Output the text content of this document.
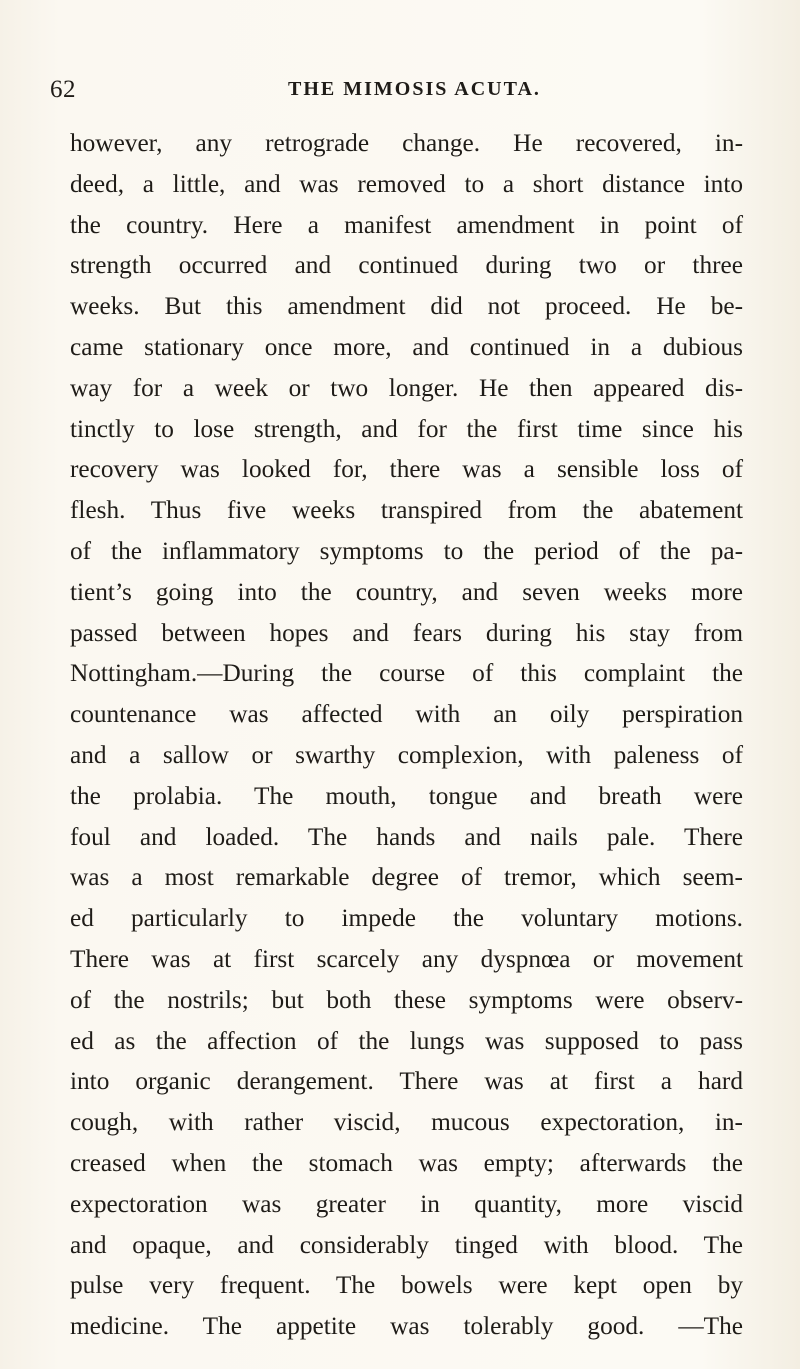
62	THE MIMOSIS ACUTA.
however, any retrograde change. He recovered, in-
deed, a little, and was removed to a short distance into
the country. Here a manifest amendment in point of
strength occurred and continued during two or three
weeks. But this amendment did not proceed. He be-
came stationary once more, and continued in a dubious
way for a week or two longer. He then appeared dis-
tinctly to lose strength, and for the first time since his
recovery was looked for, there was a sensible loss of
flesh. Thus five weeks transpired from the abatement
of the inflammatory symptoms to the period of the pa-
tient’s going into the country, and seven weeks more
passed between hopes and fears during his stay from
Nottingham.—During the course of this complaint the
countenance was affected with an oily perspiration
and a sallow or swarthy complexion, with paleness of
the prolabia. The mouth, tongue and breath were
foul and loaded. The hands and nails pale. There
was a most remarkable degree of tremor, which seem-
ed particularly to impede the voluntary motions.
There was at first scarcely any dyspnœa or movement
of the nostrils; but both these symptoms were observ-
ed as the affection of the lungs was supposed to pass
into organic derangement. There was at first a hard
cough, with rather viscid, mucous expectoration, in-
creased when the stomach was empty; afterwards the
expectoration was greater in quantity, more viscid
and opaque, and considerably tinged with blood. The
pulse very frequent. The bowels were kept open by
medicine. The appetite was tolerably good. —The
